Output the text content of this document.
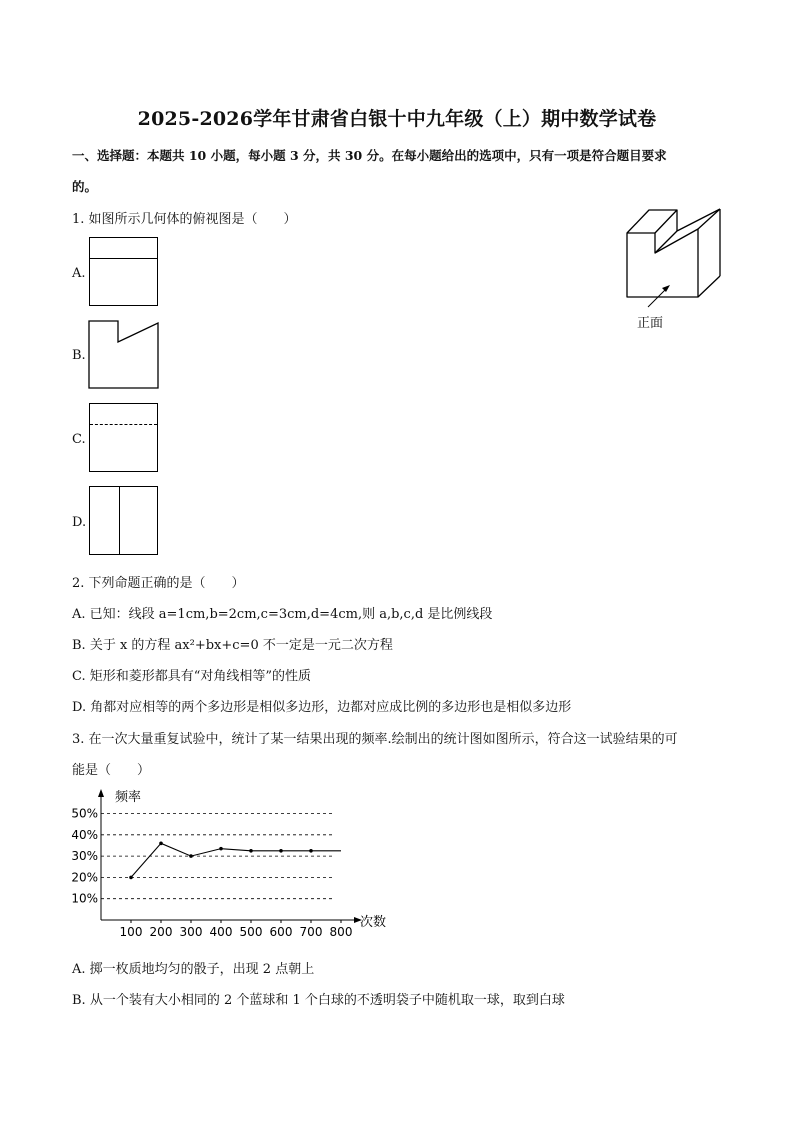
2025-2026学年甘肃省白银十中九年级（上）期中数学试卷
一、选择题：本题共 10 小题，每小题 3 分，共 30 分。在每小题给出的选项中，只有一项是符合题目要求
的。
1. 如图所示几何体的俯视图是（　　）
正面
A.
B.
C.
D.
2. 下列命题正确的是（　　）
A. 已知：线段 a=1cm,b=2cm,c=3cm,d=4cm,则 a,b,c,d 是比例线段
B. 关于 x 的方程 ax²+bx+c=0 不一定是一元二次方程
C. 矩形和菱形都具有“对角线相等”的性质
D. 角都对应相等的两个多边形是相似多边形，边都对应成比例的多边形也是相似多边形
3. 在一次大量重复试验中，统计了某一结果出现的频率.绘制出的统计图如图所示，符合这一试验结果的可
能是（　　）
10%
20%
30%
40%
50%
100 200 300 400 500 600 700 800
频率
次数
A. 掷一枚质地均匀的骰子，出现 2 点朝上
B. 从一个装有大小相同的 2 个蓝球和 1 个白球的不透明袋子中随机取一球，取到白球
